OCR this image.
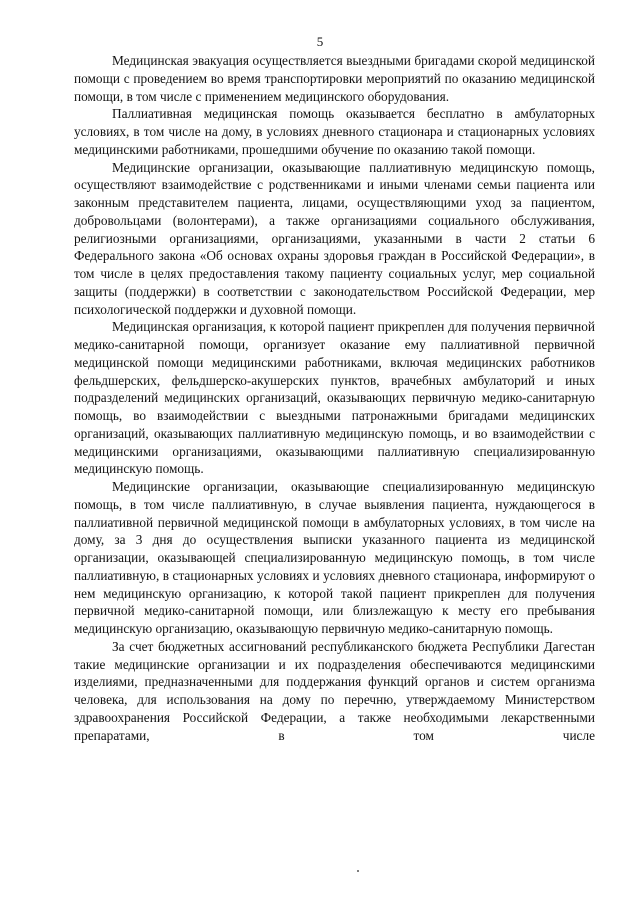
5

Медицинская эвакуация осуществляется выездными бригадами скорой медицинской помощи с проведением во время транспортировки мероприятий по оказанию медицинской помощи, в том числе с применением медицинского оборудования.

Паллиативная медицинская помощь оказывается бесплатно в амбулаторных условиях, в том числе на дому, в условиях дневного стационара и стационарных условиях медицинскими работниками, прошедшими обучение по оказанию такой помощи.

Медицинские организации, оказывающие паллиативную медицинскую помощь, осуществляют взаимодействие с родственниками и иными членами семьи пациента или законным представителем пациента, лицами, осуществляющими уход за пациентом, добровольцами (волонтерами), а также организациями социального обслуживания, религиозными организациями, организациями, указанными в части 2 статьи 6 Федерального закона «Об основах охраны здоровья граждан в Российской Федерации», в том числе в целях предоставления такому пациенту социальных услуг, мер социальной защиты (поддержки) в соответствии с законодательством Российской Федерации, мер психологической поддержки и духовной помощи.

Медицинская организация, к которой пациент прикреплен для получения первичной медико-санитарной помощи, организует оказание ему паллиативной первичной медицинской помощи медицинскими работниками, включая медицинских работников фельдшерских, фельдшерско-акушерских пунктов, врачебных амбулаторий и иных подразделений медицинских организаций, оказывающих первичную медико-санитарную помощь, во взаимодействии с выездными патронажными бригадами медицинских организаций, оказывающих паллиативную медицинскую помощь, и во взаимодействии с медицинскими организациями, оказывающими паллиативную специализированную медицинскую помощь.

Медицинские организации, оказывающие специализированную медицинскую помощь, в том числе паллиативную, в случае выявления пациента, нуждающегося в паллиативной первичной медицинской помощи в амбулаторных условиях, в том числе на дому, за 3 дня до осуществления выписки указанного пациента из медицинской организации, оказывающей специализированную медицинскую помощь, в том числе паллиативную, в стационарных условиях и условиях дневного стационара, информируют о нем медицинскую организацию, к которой такой пациент прикреплен для получения первичной медико-санитарной помощи, или близлежащую к месту его пребывания медицинскую организацию, оказывающую первичную медико-санитарную помощь.

За счет бюджетных ассигнований республиканского бюджета Республики Дагестан такие медицинские организации и их подразделения обеспечиваются медицинскими изделиями, предназначенными для поддержания функций органов и систем организма человека, для использования на дому по перечню, утверждаемому Министерством здравоохранения Российской Федерации, а также необходимыми лекарственными препаратами, в том числе
